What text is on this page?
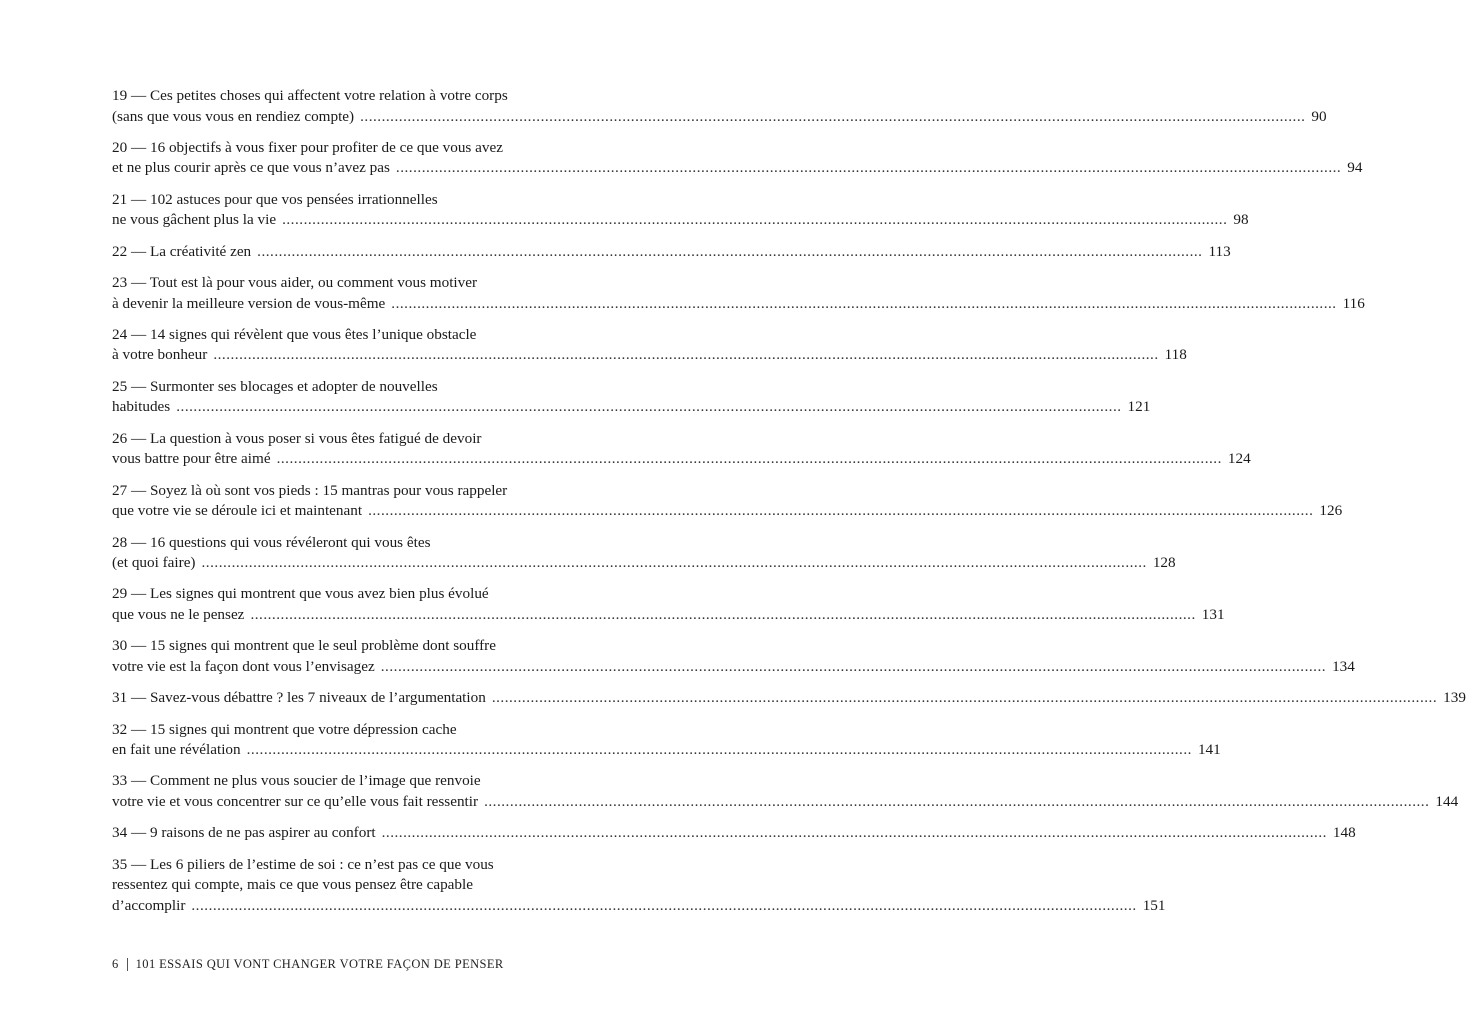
19 — Ces petites choses qui affectent votre relation à votre corps
(sans que vous vous en rendiez compte) ............................................................................................................................................................................................................................ 90
20 — 16 objectifs à vous fixer pour profiter de ce que vous avez
et ne plus courir après ce que vous n’avez pas ............................................................................................................................................................................................................................ 94
21 — 102 astuces pour que vos pensées irrationnelles
ne vous gâchent plus la vie ............................................................................................................................................................................................................................ 98
22 — La créativité zen ............................................................................................................................................................................................................................ 113
23 — Tout est là pour vous aider, ou comment vous motiver
à devenir la meilleure version de vous-même ............................................................................................................................................................................................................................ 116
24 — 14 signes qui révèlent que vous êtes l’unique obstacle
à votre bonheur ............................................................................................................................................................................................................................ 118
25 — Surmonter ses blocages et adopter de nouvelles
habitudes ............................................................................................................................................................................................................................ 121
26 — La question à vous poser si vous êtes fatigué de devoir
vous battre pour être aimé ............................................................................................................................................................................................................................ 124
27 — Soyez là où sont vos pieds : 15 mantras pour vous rappeler
que votre vie se déroule ici et maintenant ............................................................................................................................................................................................................................ 126
28 — 16 questions qui vous révéleront qui vous êtes
(et quoi faire) ............................................................................................................................................................................................................................ 128
29 — Les signes qui montrent que vous avez bien plus évolué
que vous ne le pensez ............................................................................................................................................................................................................................ 131
30 — 15 signes qui montrent que le seul problème dont souffre
votre vie est la façon dont vous l’envisagez ............................................................................................................................................................................................................................ 134
31 — Savez-vous débattre ? les 7 niveaux de l’argumentation ............................................................................................................................................................................................................................ 139
32 — 15 signes qui montrent que votre dépression cache
en fait une révélation ............................................................................................................................................................................................................................ 141
33 — Comment ne plus vous soucier de l’image que renvoie
votre vie et vous concentrer sur ce qu’elle vous fait ressentir ............................................................................................................................................................................................................................ 144
34 — 9 raisons de ne pas aspirer au confort ............................................................................................................................................................................................................................ 148
35 — Les 6 piliers de l’estime de soi : ce n’est pas ce que vous
ressentez qui compte, mais ce que vous pensez être capable
d’accomplir ............................................................................................................................................................................................................................ 151
6 101 ESSAIS QUI VONT CHANGER VOTRE FAÇON DE PENSER
